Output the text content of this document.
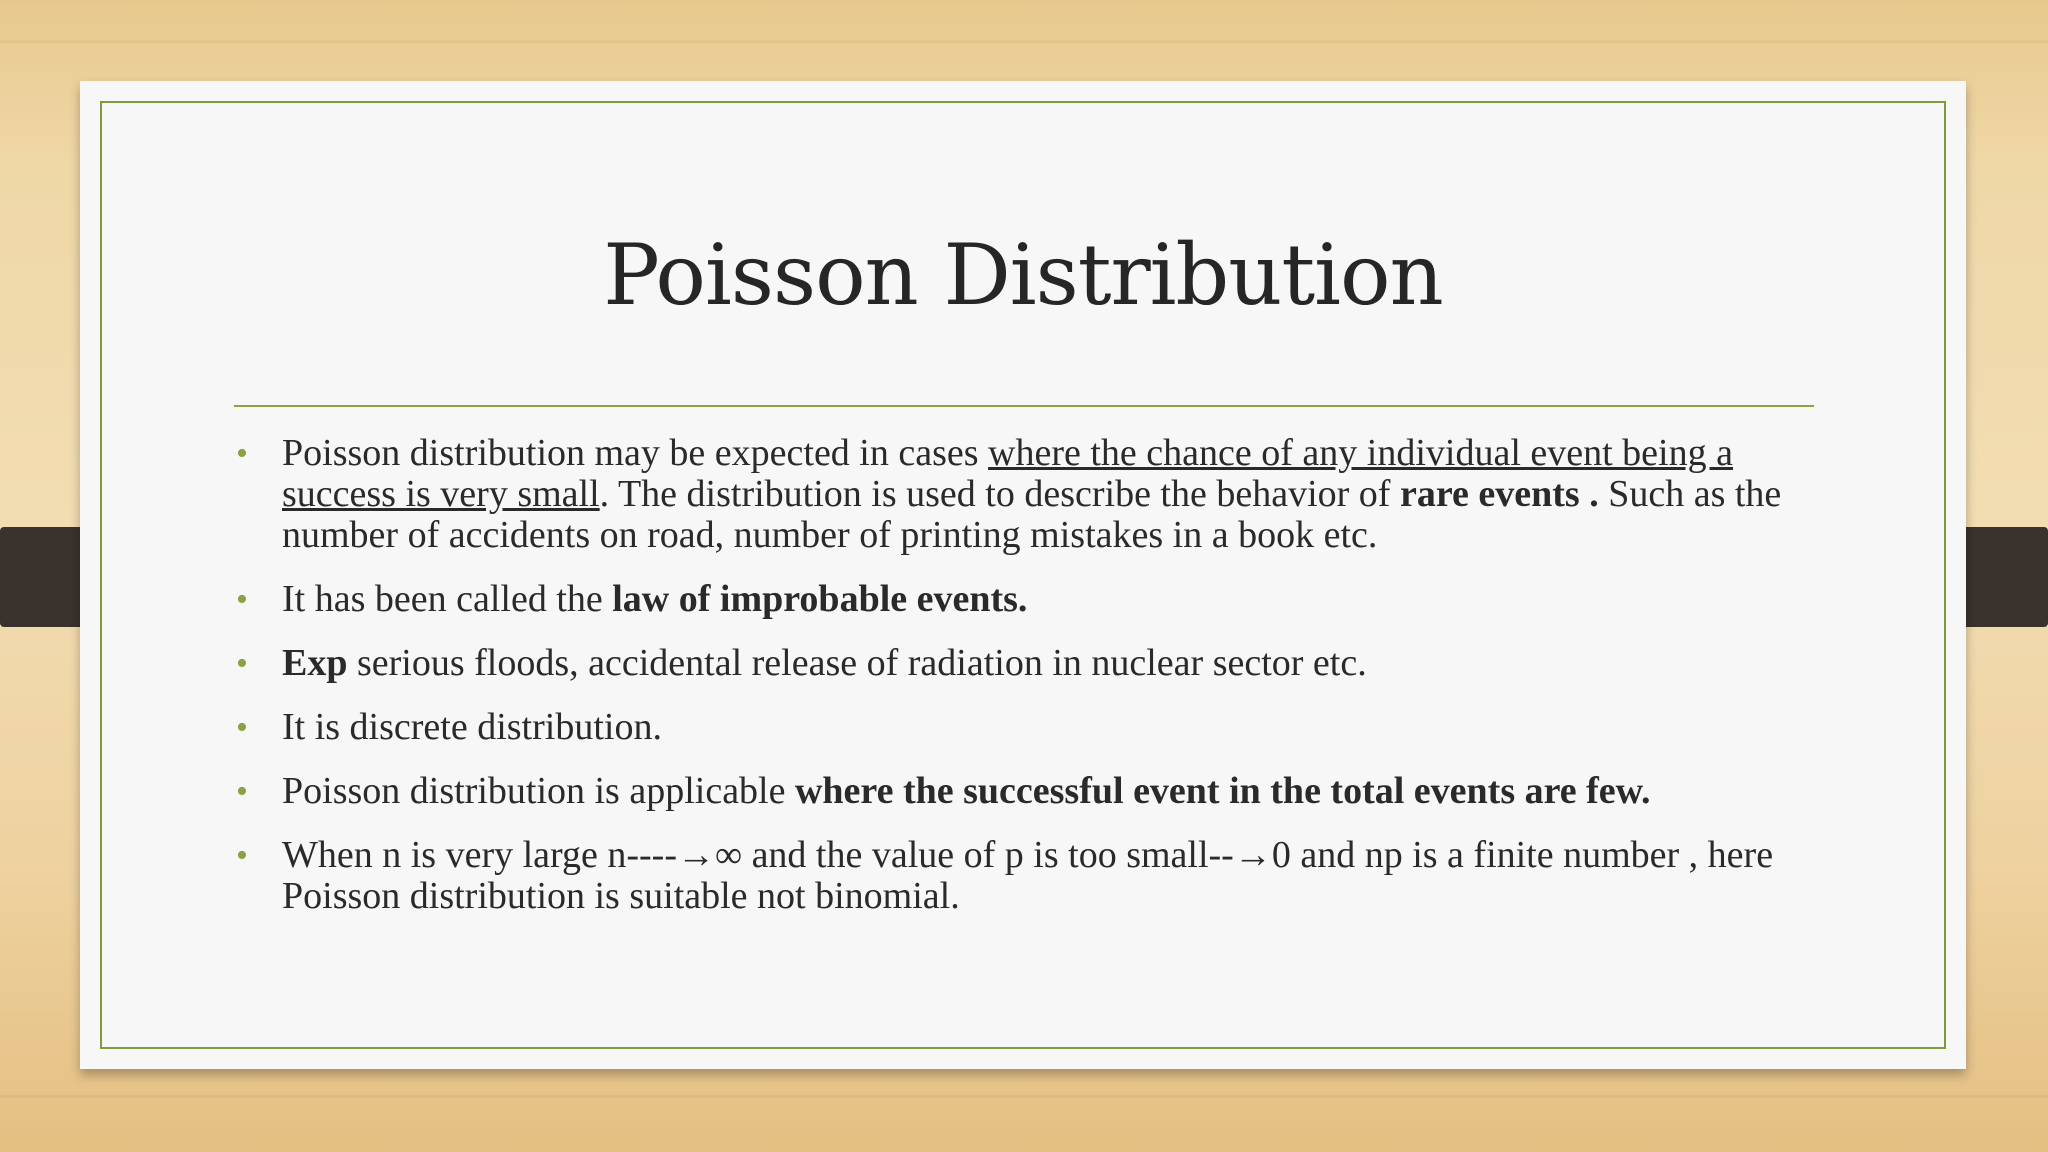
Poisson Distribution
• Poisson distribution may be expected in cases where the chance of any individual event being a success is very small. The distribution is used to describe the behavior of rare events . Such as the number of accidents on road, number of printing mistakes in a book etc.
• It has been called the law of improbable events.
• Exp serious floods, accidental release of radiation in nuclear sector etc.
• It is discrete distribution.
• Poisson distribution is applicable where the successful event in the total events are few.
• When n is very large n----→∞ and the value of p is too small--→0 and np is a finite number , here Poisson distribution is suitable not binomial.
